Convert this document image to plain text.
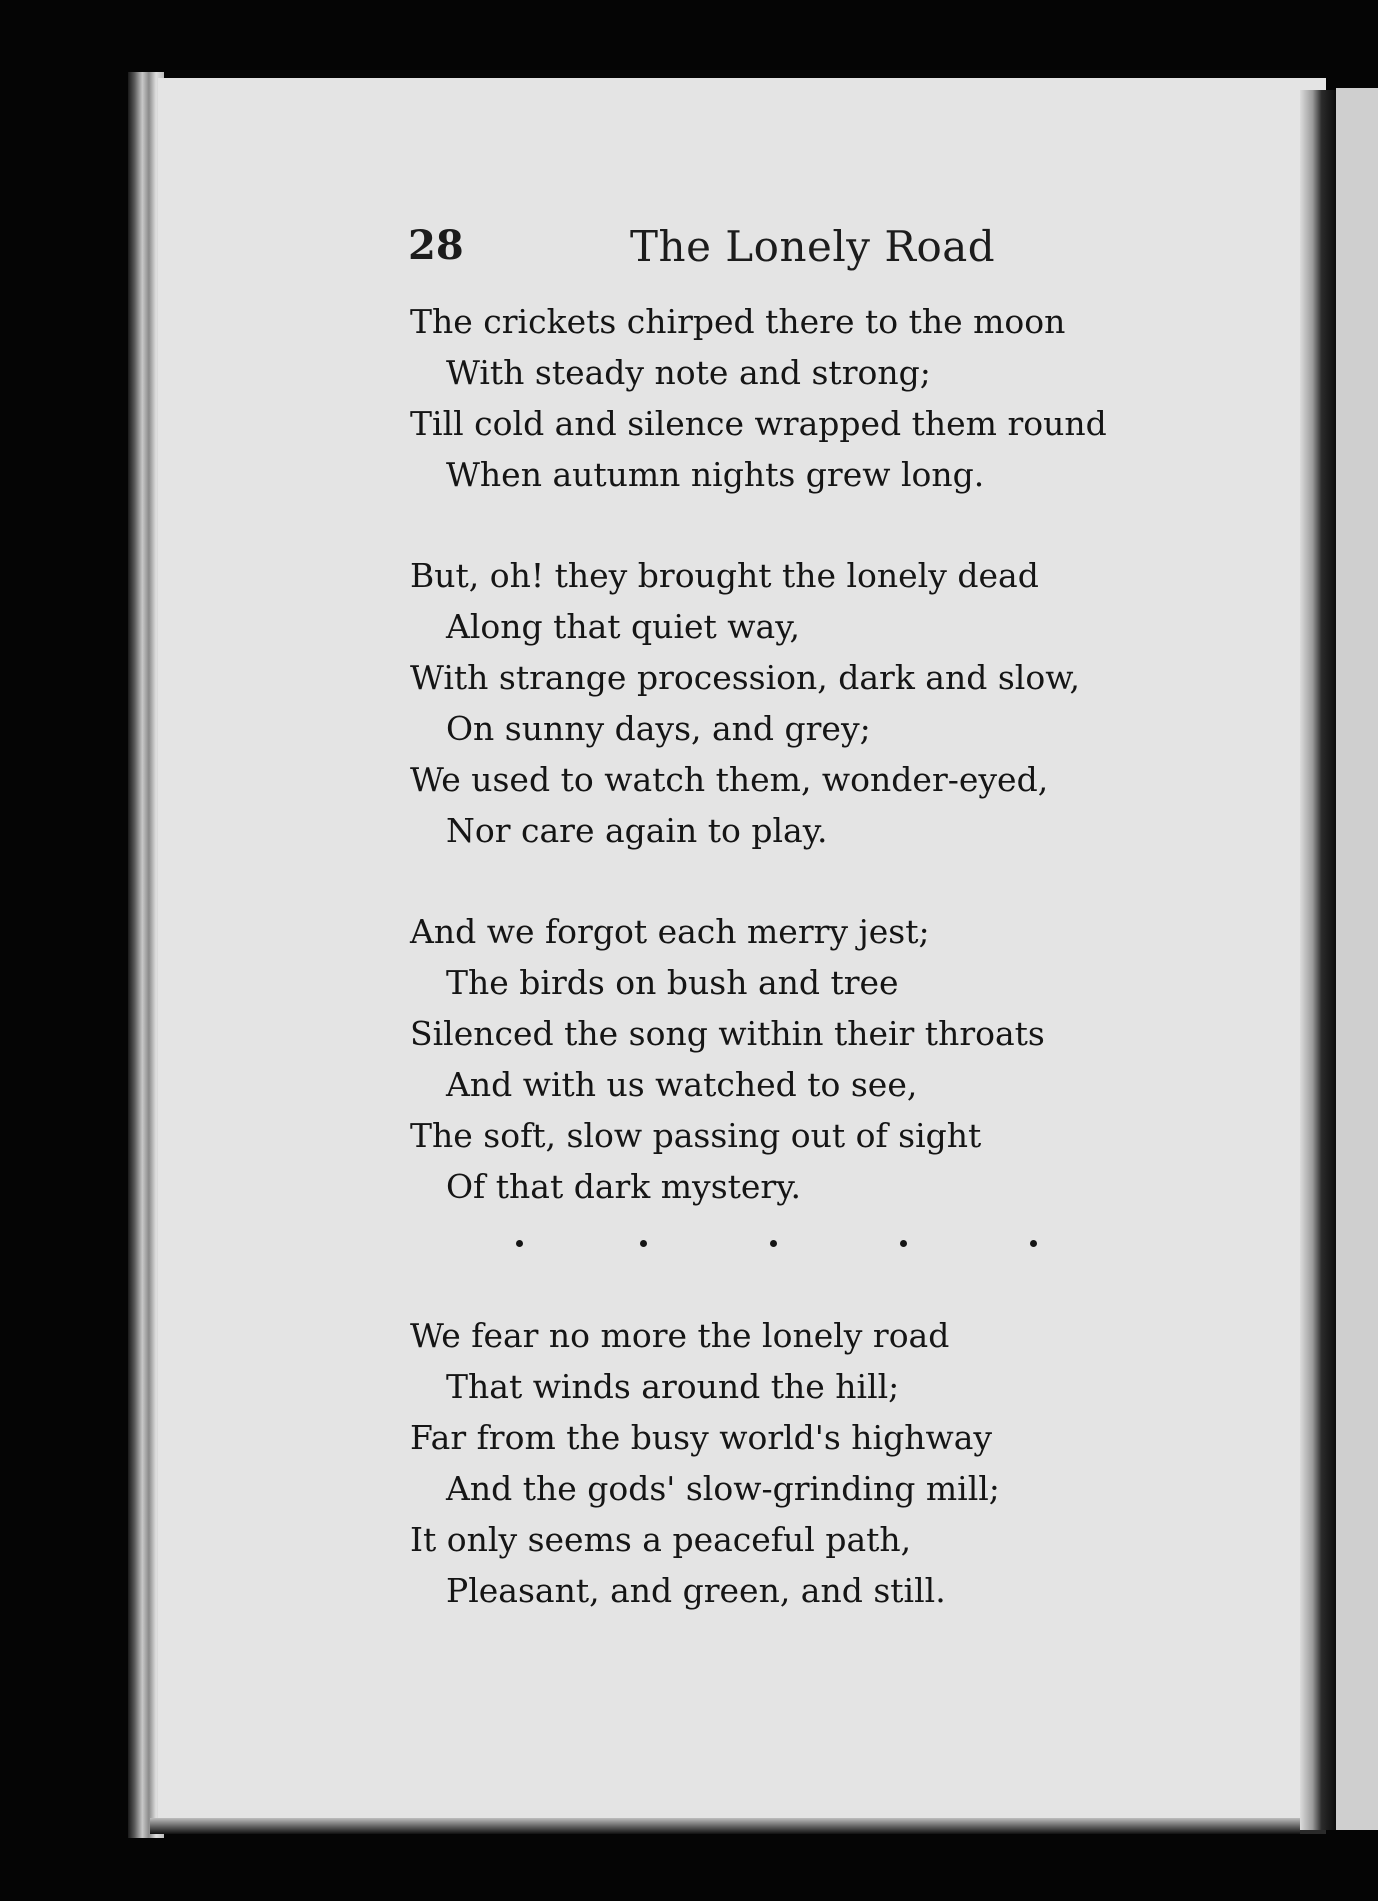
28	The Lonely Road
The crickets chirped there to the moon
With steady note and strong;
Till cold and silence wrapped them round
When autumn nights grew long.
But, oh! they brought the lonely dead
Along that quiet way,
With strange procession, dark and slow,
On sunny days, and grey;
We used to watch them, wonder-eyed,
Nor care again to play.
And we forgot each merry jest;
The birds on bush and tree
Silenced the song within their throats
And with us watched to see,
The soft, slow passing out of sight
Of that dark mystery.
We fear no more the lonely road
That winds around the hill;
Far from the busy world's highway
And the gods' slow-grinding mill;
It only seems a peaceful path,
Pleasant, and green, and still.
